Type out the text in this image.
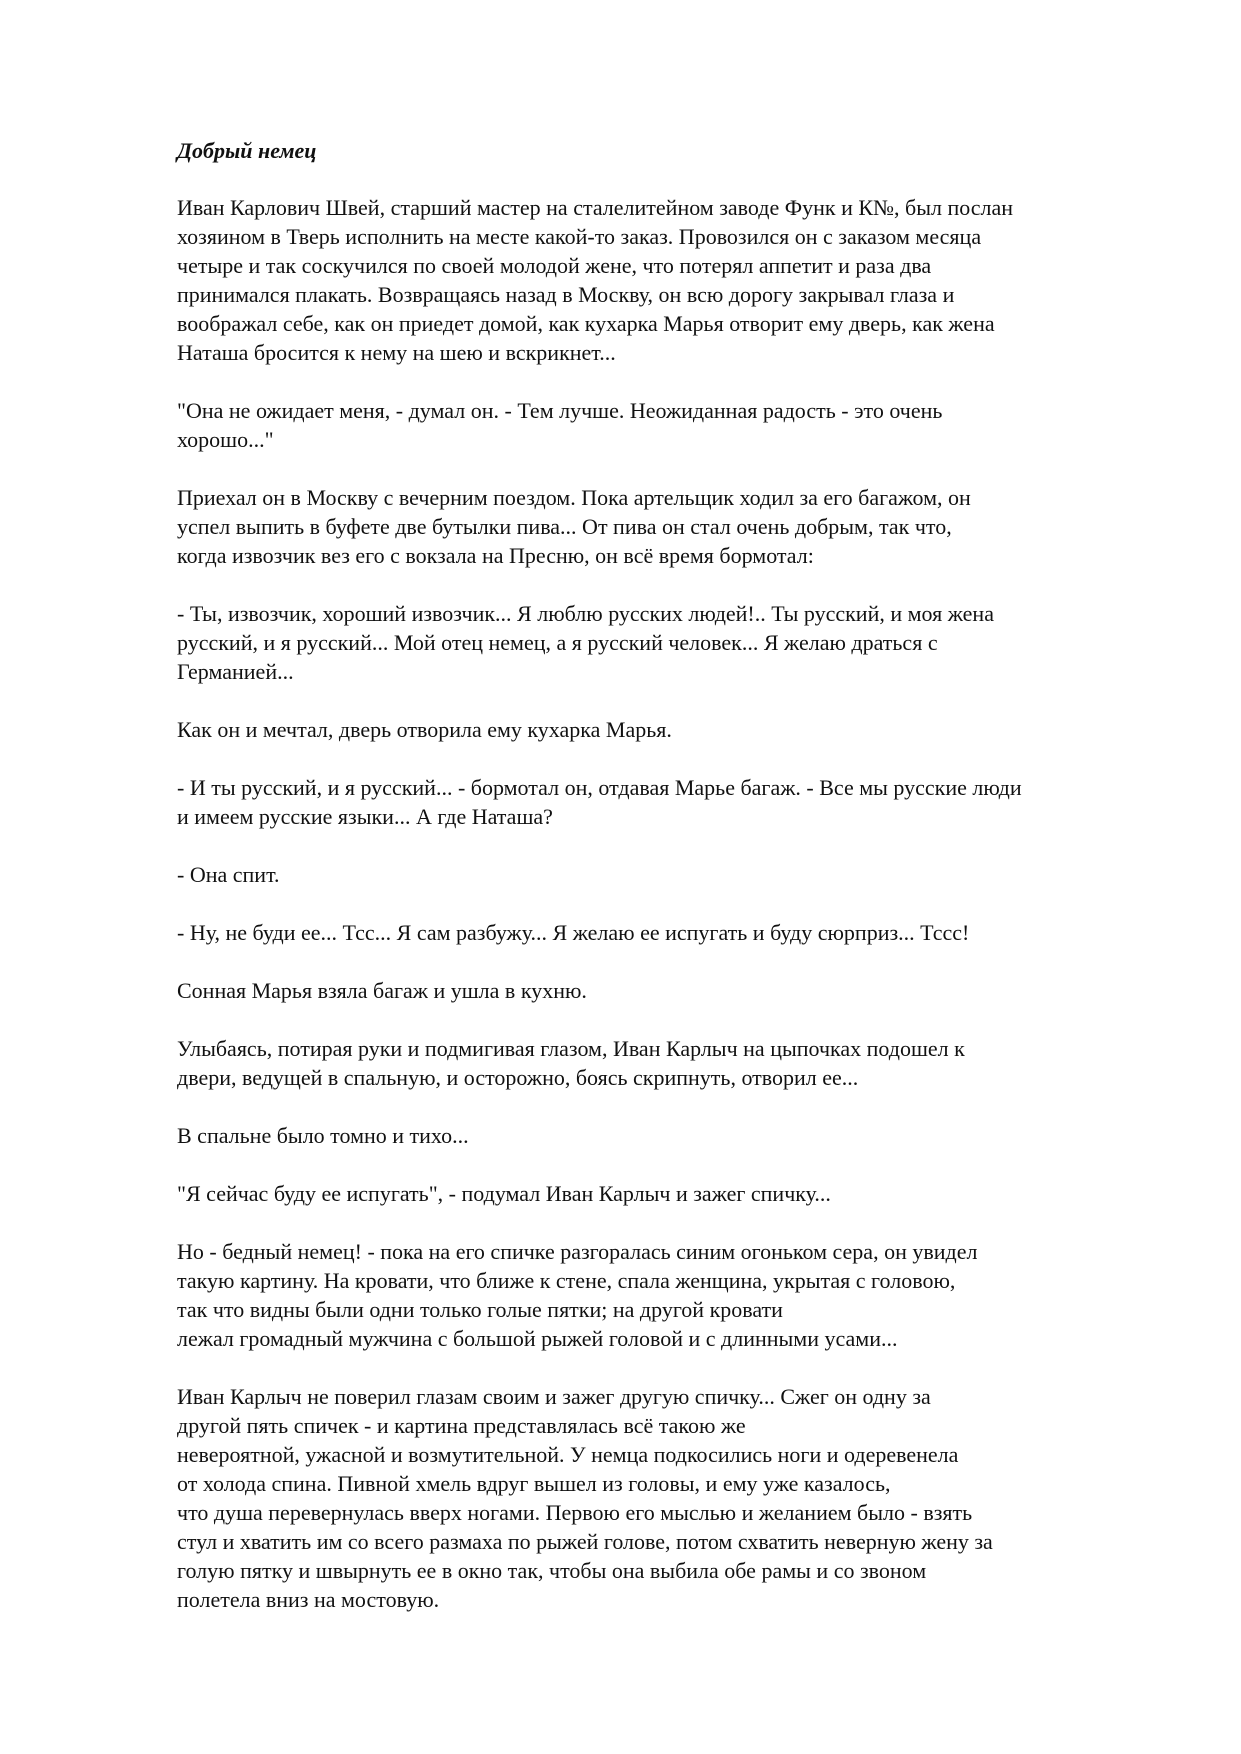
Добрый немец
Иван Карлович Швей, старший мастер на сталелитейном заводе Функ и К№, был послан
хозяином в Тверь исполнить на месте какой-то заказ. Провозился он с заказом месяца
четыре и так соскучился по своей молодой жене, что потерял аппетит и раза два
принимался плакать. Возвращаясь назад в Москву, он всю дорогу закрывал глаза и
воображал себе, как он приедет домой, как кухарка Марья отворит ему дверь, как жена
Наташа бросится к нему на шею и вскрикнет...
"Она не ожидает меня, - думал он. - Тем лучше. Неожиданная радость - это очень
хорошо..."
Приехал он в Москву с вечерним поездом. Пока артельщик ходил за его багажом, он
успел выпить в буфете две бутылки пива... От пива он стал очень добрым, так что,
когда извозчик вез его с вокзала на Пресню, он всё время бормотал:
- Ты, извозчик, хороший извозчик... Я люблю русских людей!.. Ты русский, и моя жена
русский, и я русский... Мой отец немец, а я русский человек... Я желаю драться с
Германией...
Как он и мечтал, дверь отворила ему кухарка Марья.
- И ты русский, и я русский... - бормотал он, отдавая Марье багаж. - Все мы русские люди
и имеем русские языки... А где Наташа?
- Она спит.
- Ну, не буди ее... Тсс... Я сам разбужу... Я желаю ее испугать и буду сюрприз... Тссс!
Сонная Марья взяла багаж и ушла в кухню.
Улыбаясь, потирая руки и подмигивая глазом, Иван Карлыч на цыпочках подошел к
двери, ведущей в спальную, и осторожно, боясь скрипнуть, отворил ее...
В спальне было томно и тихо...
"Я сейчас буду ее испугать", - подумал Иван Карлыч и зажег спичку...
Но - бедный немец! - пока на его спичке разгоралась синим огоньком сера, он увидел
такую картину. На кровати, что ближе к стене, спала женщина, укрытая с головою,
так что видны были одни только голые пятки; на другой кровати
лежал громадный мужчина с большой рыжей головой и с длинными усами...
Иван Карлыч не поверил глазам своим и зажег другую спичку... Сжег он одну за
другой пять спичек - и картина представлялась всё такою же
невероятной, ужасной и возмутительной. У немца подкосились ноги и одеревенела
от холода спина. Пивной хмель вдруг вышел из головы, и ему уже казалось,
что душа перевернулась вверх ногами. Первою его мыслью и желанием было - взять
стул и хватить им со всего размаха по рыжей голове, потом схватить неверную жену за
голую пятку и швырнуть ее в окно так, чтобы она выбила обе рамы и со звоном
полетела вниз на мостовую.
